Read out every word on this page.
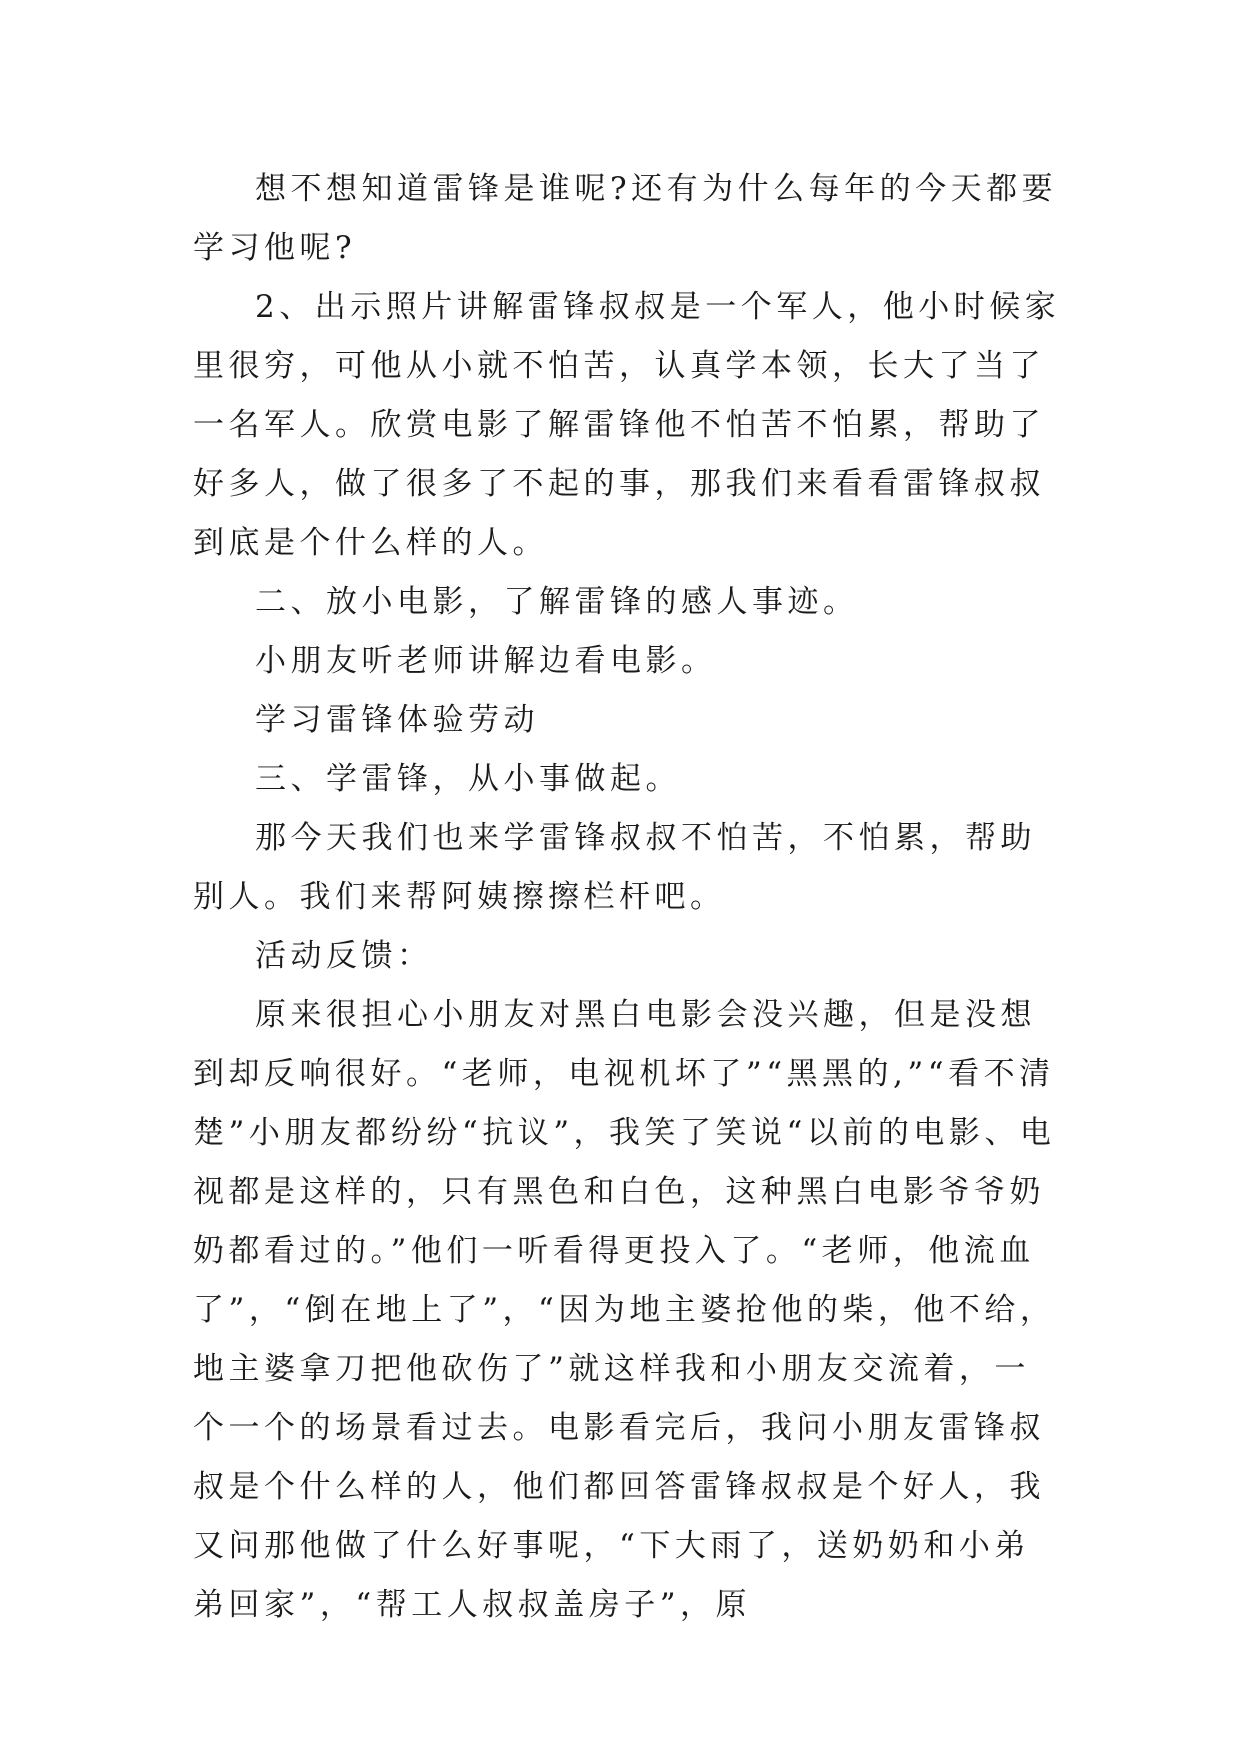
想不想知道雷锋是谁呢?还有为什么每年的今天都要学习他呢?

2、出示照片讲解雷锋叔叔是一个军人，他小时候家里很穷，可他从小就不怕苦，认真学本领，长大了当了一名军人。欣赏电影了解雷锋他不怕苦不怕累，帮助了好多人，做了很多了不起的事，那我们来看看雷锋叔叔到底是个什么样的人。

二、放小电影，了解雷锋的感人事迹。

小朋友听老师讲解边看电影。

学习雷锋体验劳动

三、学雷锋，从小事做起。

那今天我们也来学雷锋叔叔不怕苦，不怕累，帮助别人。我们来帮阿姨擦擦栏杆吧。

活动反馈：

原来很担心小朋友对黑白电影会没兴趣，但是没想到却反响很好。“老师，电视机坏了”“黑黑的,”“看不清楚”小朋友都纷纷“抗议”，我笑了笑说“以前的电影、电视都是这样的，只有黑色和白色，这种黑白电影爷爷奶奶都看过的。”他们一听看得更投入了。“老师，他流血了”，“倒在地上了”，“因为地主婆抢他的柴，他不给，地主婆拿刀把他砍伤了”就这样我和小朋友交流着，一个一个的场景看过去。电影看完后，我问小朋友雷锋叔叔是个什么样的人，他们都回答雷锋叔叔是个好人，我又问那他做了什么好事呢，“下大雨了，送奶奶和小弟弟回家”，“帮工人叔叔盖房子”，原
